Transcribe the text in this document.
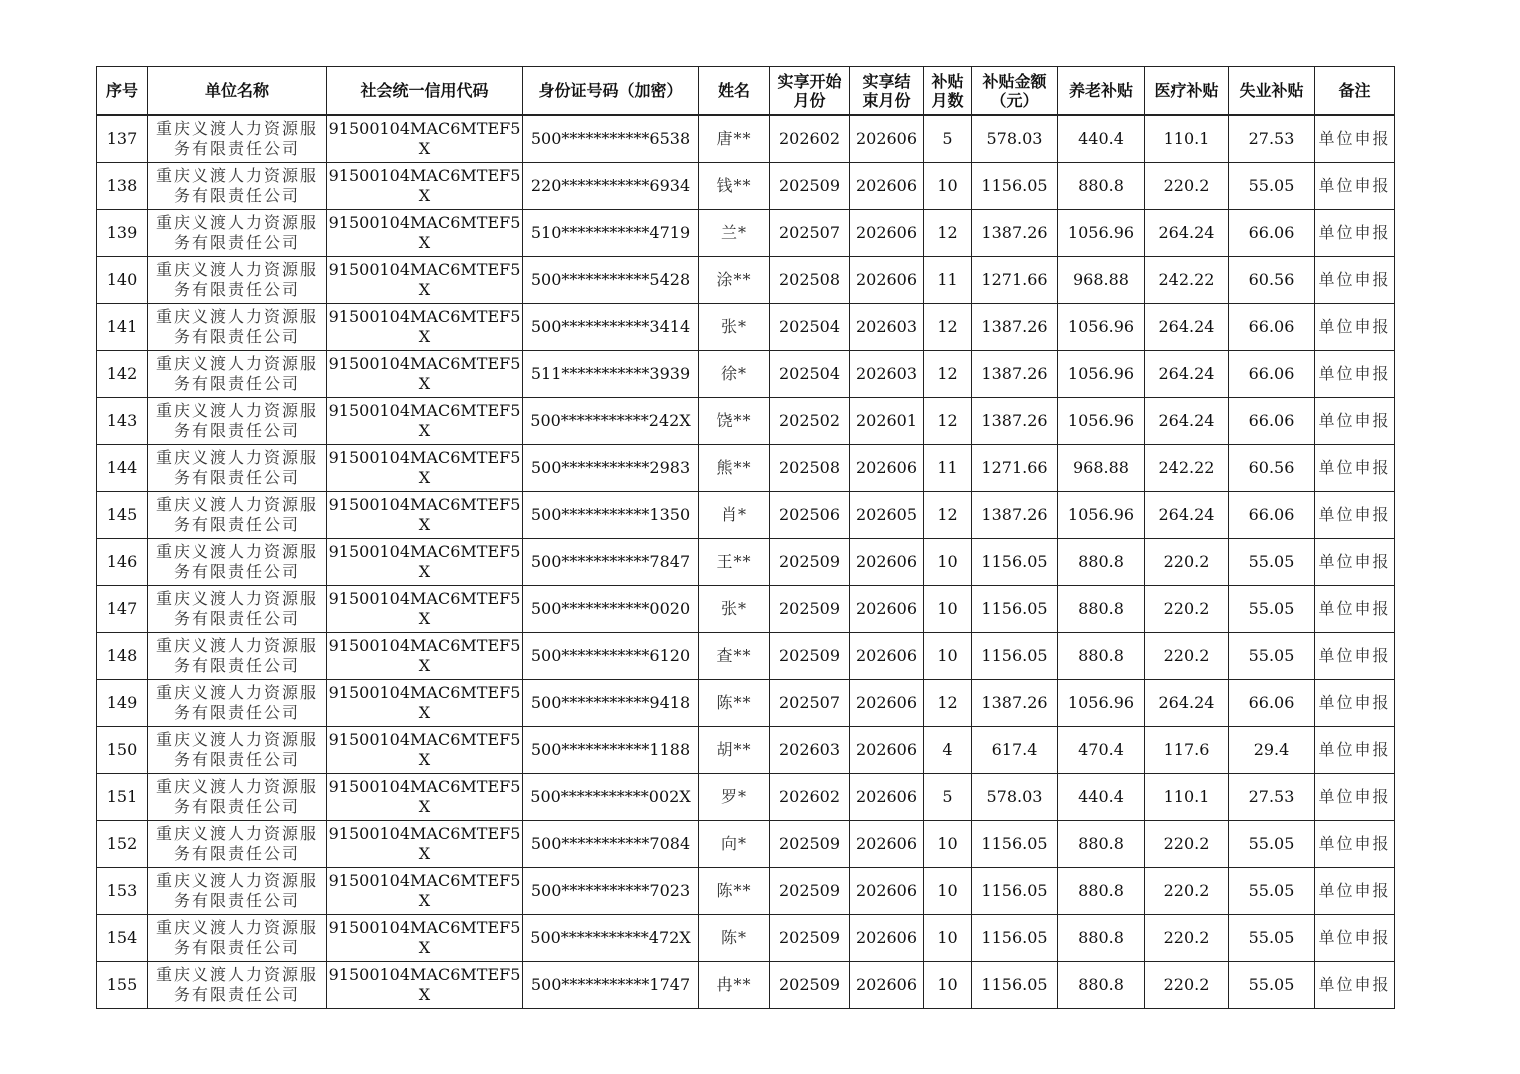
序号	单位名称	社会统一信用代码	身份证号码（加密）	姓名	实享开始月份	实享结束月份	补贴月数	补贴金额（元）	养老补贴	医疗补贴	失业补贴	备注
137	重庆义渡人力资源服务有限责任公司	91500104MAC6MTEF5X	500***********6538	唐**	202602	202606	5	578.03	440.4	110.1	27.53	单位申报
138	重庆义渡人力资源服务有限责任公司	91500104MAC6MTEF5X	220***********6934	钱**	202509	202606	10	1156.05	880.8	220.2	55.05	单位申报
139	重庆义渡人力资源服务有限责任公司	91500104MAC6MTEF5X	510***********4719	兰*	202507	202606	12	1387.26	1056.96	264.24	66.06	单位申报
140	重庆义渡人力资源服务有限责任公司	91500104MAC6MTEF5X	500***********5428	涂**	202508	202606	11	1271.66	968.88	242.22	60.56	单位申报
141	重庆义渡人力资源服务有限责任公司	91500104MAC6MTEF5X	500***********3414	张*	202504	202603	12	1387.26	1056.96	264.24	66.06	单位申报
142	重庆义渡人力资源服务有限责任公司	91500104MAC6MTEF5X	511***********3939	徐*	202504	202603	12	1387.26	1056.96	264.24	66.06	单位申报
143	重庆义渡人力资源服务有限责任公司	91500104MAC6MTEF5X	500***********242X	饶**	202502	202601	12	1387.26	1056.96	264.24	66.06	单位申报
144	重庆义渡人力资源服务有限责任公司	91500104MAC6MTEF5X	500***********2983	熊**	202508	202606	11	1271.66	968.88	242.22	60.56	单位申报
145	重庆义渡人力资源服务有限责任公司	91500104MAC6MTEF5X	500***********1350	肖*	202506	202605	12	1387.26	1056.96	264.24	66.06	单位申报
146	重庆义渡人力资源服务有限责任公司	91500104MAC6MTEF5X	500***********7847	王**	202509	202606	10	1156.05	880.8	220.2	55.05	单位申报
147	重庆义渡人力资源服务有限责任公司	91500104MAC6MTEF5X	500***********0020	张*	202509	202606	10	1156.05	880.8	220.2	55.05	单位申报
148	重庆义渡人力资源服务有限责任公司	91500104MAC6MTEF5X	500***********6120	查**	202509	202606	10	1156.05	880.8	220.2	55.05	单位申报
149	重庆义渡人力资源服务有限责任公司	91500104MAC6MTEF5X	500***********9418	陈**	202507	202606	12	1387.26	1056.96	264.24	66.06	单位申报
150	重庆义渡人力资源服务有限责任公司	91500104MAC6MTEF5X	500***********1188	胡**	202603	202606	4	617.4	470.4	117.6	29.4	单位申报
151	重庆义渡人力资源服务有限责任公司	91500104MAC6MTEF5X	500***********002X	罗*	202602	202606	5	578.03	440.4	110.1	27.53	单位申报
152	重庆义渡人力资源服务有限责任公司	91500104MAC6MTEF5X	500***********7084	向*	202509	202606	10	1156.05	880.8	220.2	55.05	单位申报
153	重庆义渡人力资源服务有限责任公司	91500104MAC6MTEF5X	500***********7023	陈**	202509	202606	10	1156.05	880.8	220.2	55.05	单位申报
154	重庆义渡人力资源服务有限责任公司	91500104MAC6MTEF5X	500***********472X	陈*	202509	202606	10	1156.05	880.8	220.2	55.05	单位申报
155	重庆义渡人力资源服务有限责任公司	91500104MAC6MTEF5X	500***********1747	冉**	202509	202606	10	1156.05	880.8	220.2	55.05	单位申报
